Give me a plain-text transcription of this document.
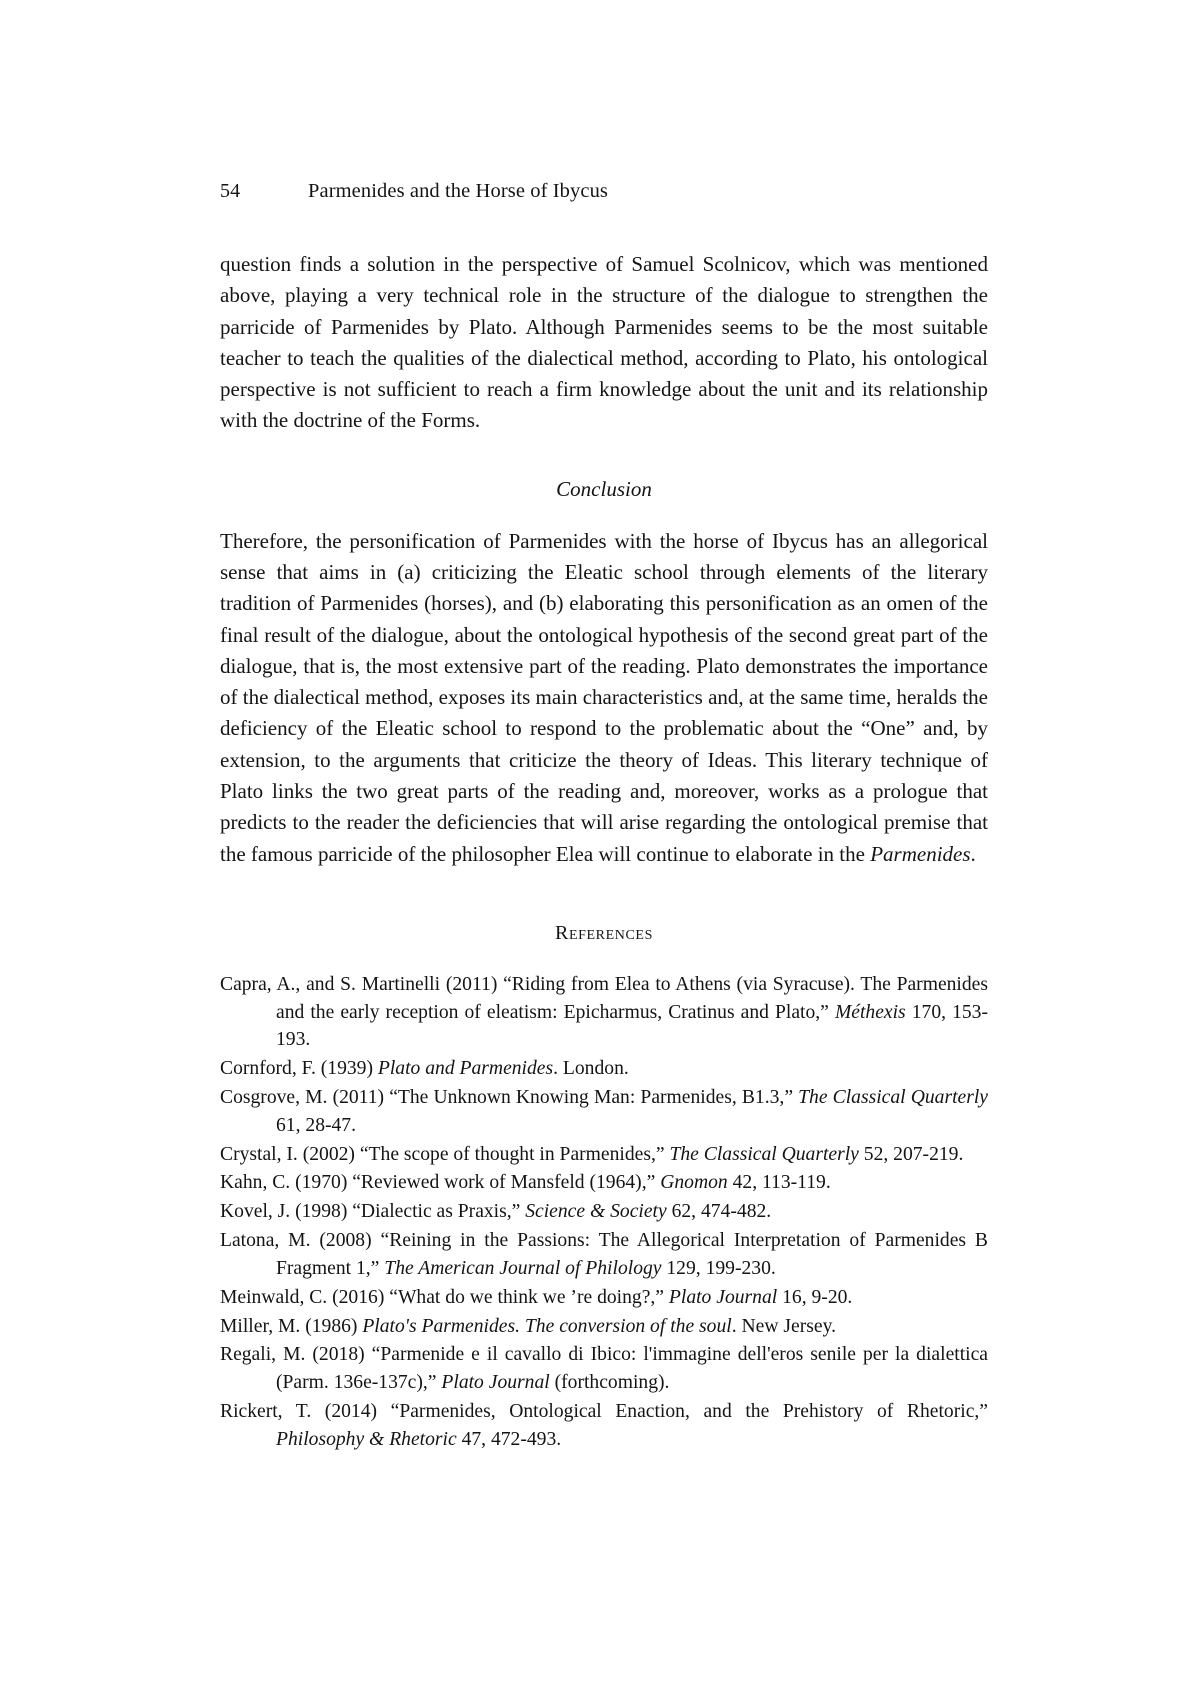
54	Parmenides and the Horse of Ibycus

question finds a solution in the perspective of Samuel Scolnicov, which was mentioned above, playing a very technical role in the structure of the dialogue to strengthen the parricide of Parmenides by Plato. Although Parmenides seems to be the most suitable teacher to teach the qualities of the dialectical method, according to Plato, his ontological perspective is not sufficient to reach a firm knowledge about the unit and its relationship with the doctrine of the Forms.

Conclusion

Therefore, the personification of Parmenides with the horse of Ibycus has an allegorical sense that aims in (a) criticizing the Eleatic school through elements of the literary tradition of Parmenides (horses), and (b) elaborating this personification as an omen of the final result of the dialogue, about the ontological hypothesis of the second great part of the dialogue, that is, the most extensive part of the reading. Plato demonstrates the importance of the dialectical method, exposes its main characteristics and, at the same time, heralds the deficiency of the Eleatic school to respond to the problematic about the “One” and, by extension, to the arguments that criticize the theory of Ideas. This literary technique of Plato links the two great parts of the reading and, moreover, works as a prologue that predicts to the reader the deficiencies that will arise regarding the ontological premise that the famous parricide of the philosopher Elea will continue to elaborate in the Parmenides.

References

Capra, A., and S. Martinelli (2011) “Riding from Elea to Athens (via Syracuse). The Parmenides and the early reception of eleatism: Epicharmus, Cratinus and Plato,” Méthexis 170, 153-193.

Cornford, F. (1939) Plato and Parmenides. London.

Cosgrove, M. (2011) “The Unknown Knowing Man: Parmenides, B1.3,” The Classical Quarterly 61, 28-47.

Crystal, I. (2002) “The scope of thought in Parmenides,” The Classical Quarterly 52, 207-219.

Kahn, C. (1970) “Reviewed work of Mansfeld (1964),” Gnomon 42, 113-119.

Kovel, J. (1998) “Dialectic as Praxis,” Science & Society 62, 474-482.

Latona, M. (2008) “Reining in the Passions: The Allegorical Interpretation of Parmenides B Fragment 1,” The American Journal of Philology 129, 199-230.

Meinwald, C. (2016) “What do we think we ’re doing?,” Plato Journal 16, 9-20.

Miller, M. (1986) Plato's Parmenides. The conversion of the soul. New Jersey.

Regali, M. (2018) “Parmenide e il cavallo di Ibico: l'immagine dell'eros senile per la dialettica (Parm. 136e-137c),” Plato Journal (forthcoming).

Rickert, T. (2014) “Parmenides, Ontological Enaction, and the Prehistory of Rhetoric,” Philosophy & Rhetoric 47, 472-493.
